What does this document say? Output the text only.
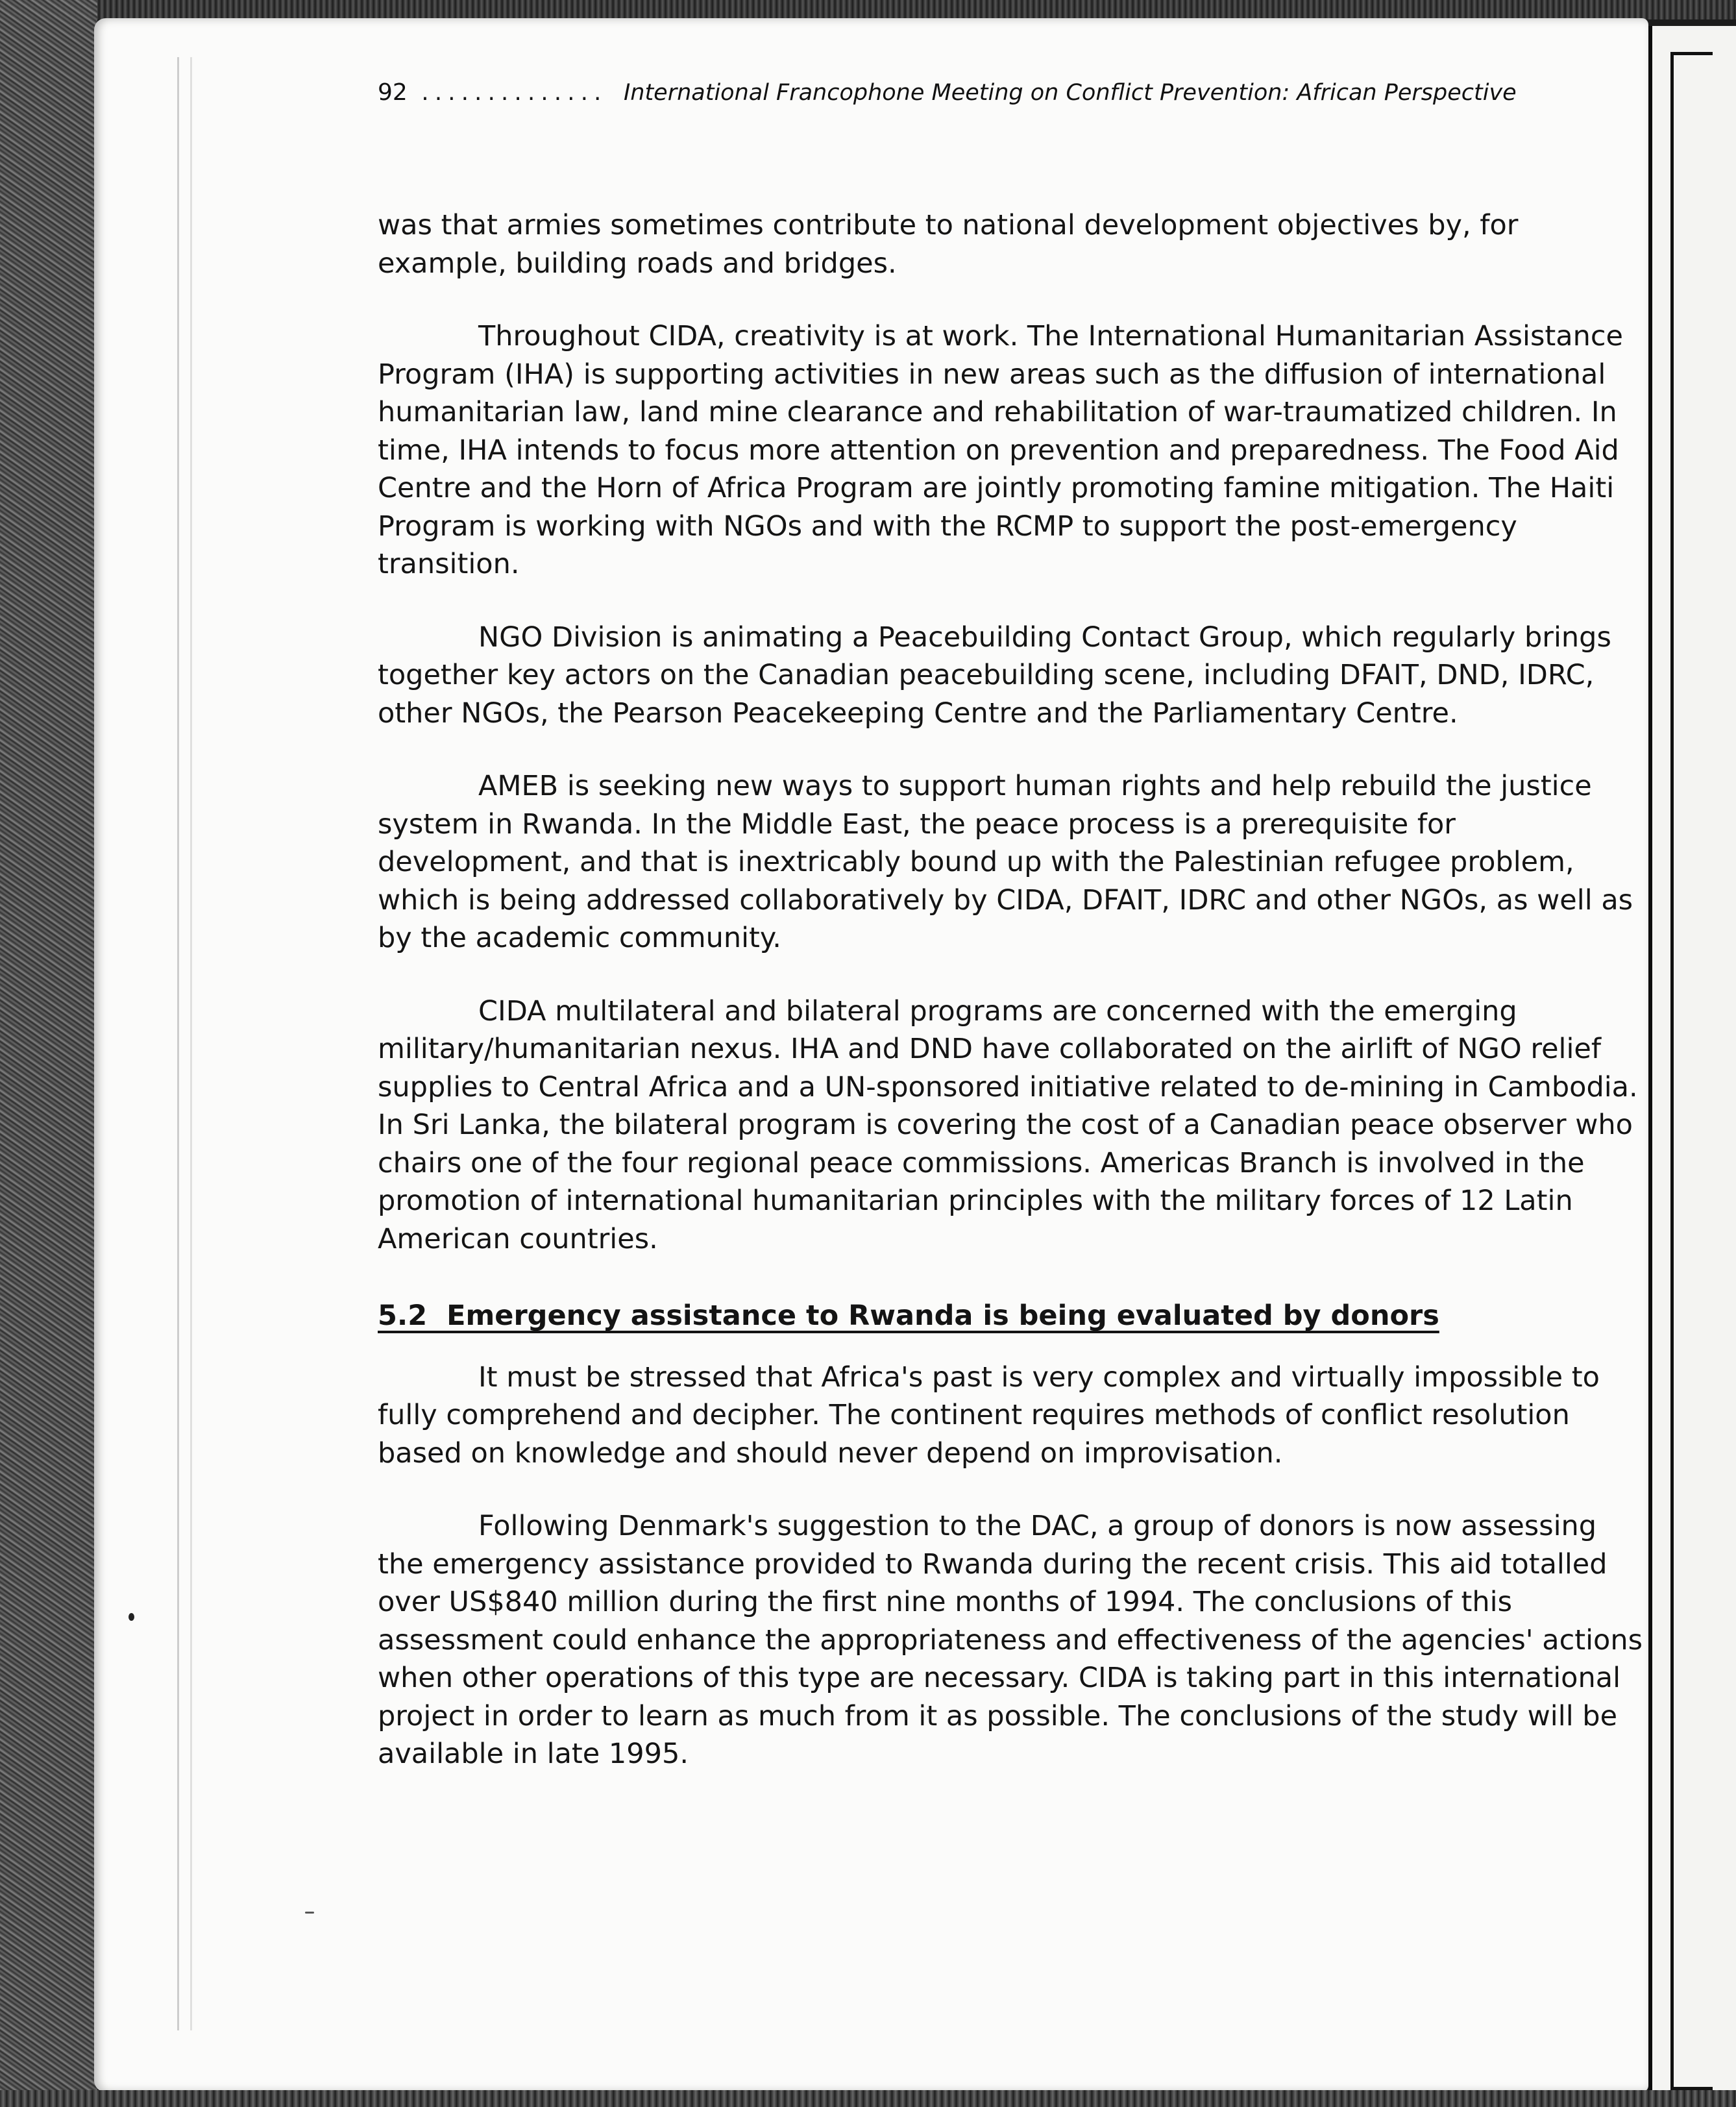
92 .............. International Francophone Meeting on Conflict Prevention: African Perspective

was that armies sometimes contribute to national development objectives by, for example, building roads and bridges.

Throughout CIDA, creativity is at work. The International Humanitarian Assistance Program (IHA) is supporting activities in new areas such as the diffusion of international humanitarian law, land mine clearance and rehabilitation of war-traumatized children. In time, IHA intends to focus more attention on prevention and preparedness. The Food Aid Centre and the Horn of Africa Program are jointly promoting famine mitigation. The Haiti Program is working with NGOs and with the RCMP to support the post-emergency transition.

NGO Division is animating a Peacebuilding Contact Group, which regularly brings together key actors on the Canadian peacebuilding scene, including DFAIT, DND, IDRC, other NGOs, the Pearson Peacekeeping Centre and the Parliamentary Centre.

AMEB is seeking new ways to support human rights and help rebuild the justice system in Rwanda. In the Middle East, the peace process is a prerequisite for development, and that is inextricably bound up with the Palestinian refugee problem, which is being addressed collaboratively by CIDA, DFAIT, IDRC and other NGOs, as well as by the academic community.

CIDA multilateral and bilateral programs are concerned with the emerging military/humanitarian nexus. IHA and DND have collaborated on the airlift of NGO relief supplies to Central Africa and a UN-sponsored initiative related to de-mining in Cambodia. In Sri Lanka, the bilateral program is covering the cost of a Canadian peace observer who chairs one of the four regional peace commissions. Americas Branch is involved in the promotion of international humanitarian principles with the military forces of 12 Latin American countries.

5.2  Emergency assistance to Rwanda is being evaluated by donors

It must be stressed that Africa's past is very complex and virtually impossible to fully comprehend and decipher. The continent requires methods of conflict resolution based on knowledge and should never depend on improvisation.

Following Denmark's suggestion to the DAC, a group of donors is now assessing the emergency assistance provided to Rwanda during the recent crisis. This aid totalled over US$840 million during the first nine months of 1994. The conclusions of this assessment could enhance the appropriateness and effectiveness of the agencies' actions when other operations of this type are necessary. CIDA is taking part in this international project in order to learn as much from it as possible. The conclusions of the study will be available in late 1995.
